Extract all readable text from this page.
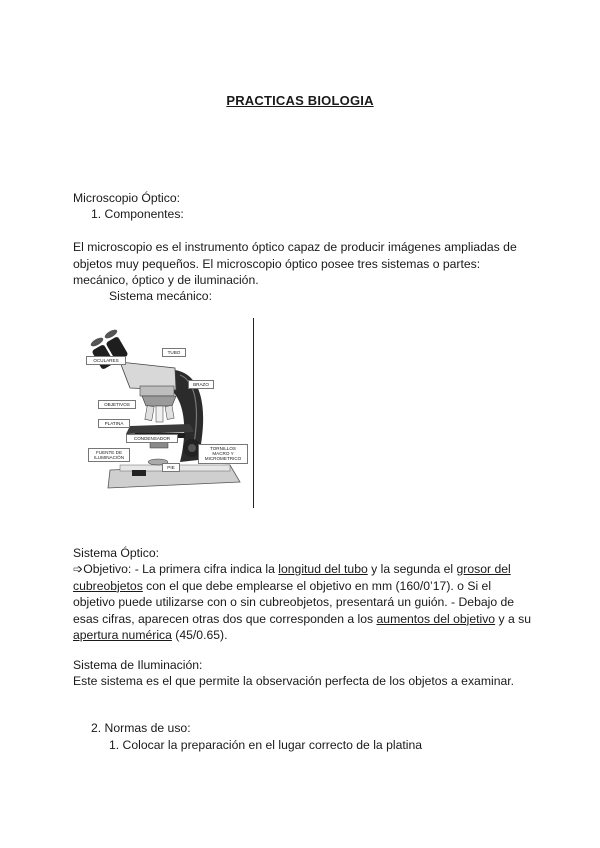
PRACTICAS BIOLOGIA
Microscopio Óptico:
1. Componentes:
El microscopio es el instrumento óptico capaz de producir imágenes ampliadas de
objetos muy pequeños. El microscopio óptico posee tres sistemas o partes:
mecánico, óptico y de iluminación.
Sistema mecánico:
OCULARES
TUBO
BRAZO
OBJETIVOS
PLATINA
CONDENSADOR
FUENTE DE
ILUMINACIÓN
TORNILLOS
MACRO Y
MICROMETRICO
PIE
Sistema Óptico:
➩Objetivo: - La primera cifra indica la longitud del tubo y la segunda el grosor del
cubreobjetos con el que debe emplearse el objetivo en mm (160/0’17). o Si el
objetivo puede utilizarse con o sin cubreobjetos, presentará un guión. - Debajo de
esas cifras, aparecen otras dos que corresponden a los aumentos del objetivo y a su
apertura numérica (45/0.65).
Sistema de Iluminación:
Este sistema es el que permite la observación perfecta de los objetos a examinar.
2. Normas de uso:
1. Colocar la preparación en el lugar correcto de la platina
